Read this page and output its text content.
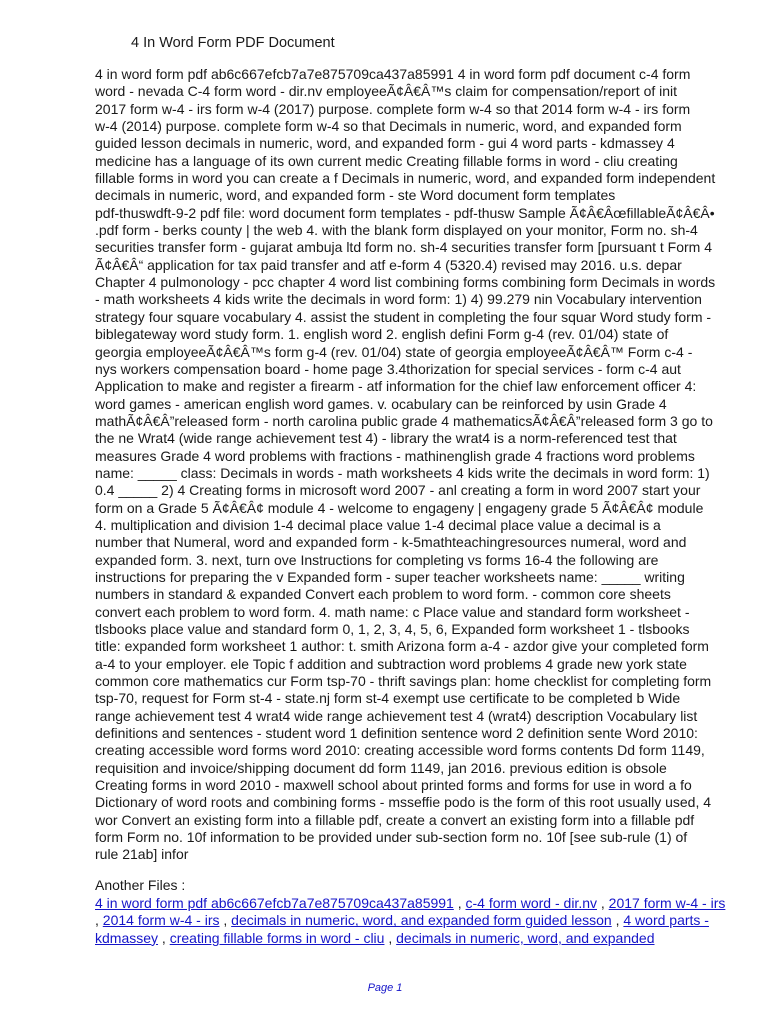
4 In Word Form PDF Document
4 in word form pdf ab6c667efcb7a7e875709ca437a85991 4 in word form pdf document c-4 form
word - nevada C-4 form word - dir.nv employeeÃ¢Â€Â™s claim for compensation/report of init
2017 form w-4 - irs form w-4 (2017) purpose. complete form w-4 so that 2014 form w-4 - irs form
w-4 (2014) purpose. complete form w-4 so that Decimals in numeric, word, and expanded form
guided lesson decimals in numeric, word, and expanded form - gui 4 word parts - kdmassey 4
medicine has a language of its own current medic Creating fillable forms in word - cliu creating
fillable forms in word you can create a f Decimals in numeric, word, and expanded form independent
decimals in numeric, word, and expanded form - ste Word document form templates
pdf-thuswdft-9-2 pdf file: word document form templates - pdf-thusw Sample Ã¢Â€ÂœfillableÃ¢Â€Â•
.pdf form - berks county | the web 4. with the blank form displayed on your monitor, Form no. sh-4
securities transfer form - gujarat ambuja ltd form no. sh-4 securities transfer form [pursuant t Form 4
Ã¢Â€Â“ application for tax paid transfer and atf e-form 4 (5320.4) revised may 2016. u.s. depar
Chapter 4 pulmonology - pcc chapter 4 word list combining forms combining form Decimals in words
- math worksheets 4 kids write the decimals in word form: 1) 4) 99.279 nin Vocabulary intervention
strategy four square vocabulary 4. assist the student in completing the four squar Word study form -
biblegateway word study form. 1. english word 2. english defini Form g-4 (rev. 01/04) state of
georgia employeeÃ¢Â€Â™s form g-4 (rev. 01/04) state of georgia employeeÃ¢Â€Â™ Form c-4 -
nys workers compensation board - home page 3.4thorization for special services - form c-4 aut
Application to make and register a firearm - atf information for the chief law enforcement officer 4:
word games - american english word games. v. ocabulary can be reinforced by usin Grade 4
mathÃ¢Â€Â”released form - north carolina public grade 4 mathematicsÃ¢Â€Â”released form 3 go to
the ne Wrat4 (wide range achievement test 4) - library the wrat4 is a norm-referenced test that
measures Grade 4 word problems with fractions - mathinenglish grade 4 fractions word problems
name: _____ class: Decimals in words - math worksheets 4 kids write the decimals in word form: 1)
0.4 _____ 2) 4 Creating forms in microsoft word 2007 - anl creating a form in word 2007 start your
form on a Grade 5 Ã¢Â€Â¢ module 4 - welcome to engageny | engageny grade 5 Ã¢Â€Â¢ module
4. multiplication and division 1-4 decimal place value 1-4 decimal place value a decimal is a
number that Numeral, word and expanded form - k-5mathteachingresources numeral, word and
expanded form. 3. next, turn ove Instructions for completing vs forms 16-4 the following are
instructions for preparing the v Expanded form - super teacher worksheets name: _____ writing
numbers in standard & expanded Convert each problem to word form. - common core sheets
convert each problem to word form. 4. math name: c Place value and standard form worksheet -
tlsbooks place value and standard form 0, 1, 2, 3, 4, 5, 6, Expanded form worksheet 1 - tlsbooks
title: expanded form worksheet 1 author: t. smith Arizona form a-4 - azdor give your completed form
a-4 to your employer. ele Topic f addition and subtraction word problems 4 grade new york state
common core mathematics cur Form tsp-70 - thrift savings plan: home checklist for completing form
tsp-70, request for Form st-4 - state.nj form st-4 exempt use certificate to be completed b Wide
range achievement test 4 wrat4 wide range achievement test 4 (wrat4) description Vocabulary list
definitions and sentences - student word 1 definition sentence word 2 definition sente Word 2010:
creating accessible word forms word 2010: creating accessible word forms contents Dd form 1149,
requisition and invoice/shipping document dd form 1149, jan 2016. previous edition is obsole
Creating forms in word 2010 - maxwell school about printed forms and forms for use in word a fo
Dictionary of word roots and combining forms - msseffie podo is the form of this root usually used, 4
wor Convert an existing form into a fillable pdf, create a convert an existing form into a fillable pdf
form Form no. 10f information to be provided under sub-section form no. 10f [see sub-rule (1) of
rule 21ab] infor
Another Files :
4 in word form pdf ab6c667efcb7a7e875709ca437a85991 , c-4 form word - dir.nv , 2017 form w-4 - irs , 2014 form w-4 - irs , decimals in numeric, word, and expanded form guided lesson , 4 word parts - kdmassey , creating fillable forms in word - cliu , decimals in numeric, word, and expanded
Page 1
